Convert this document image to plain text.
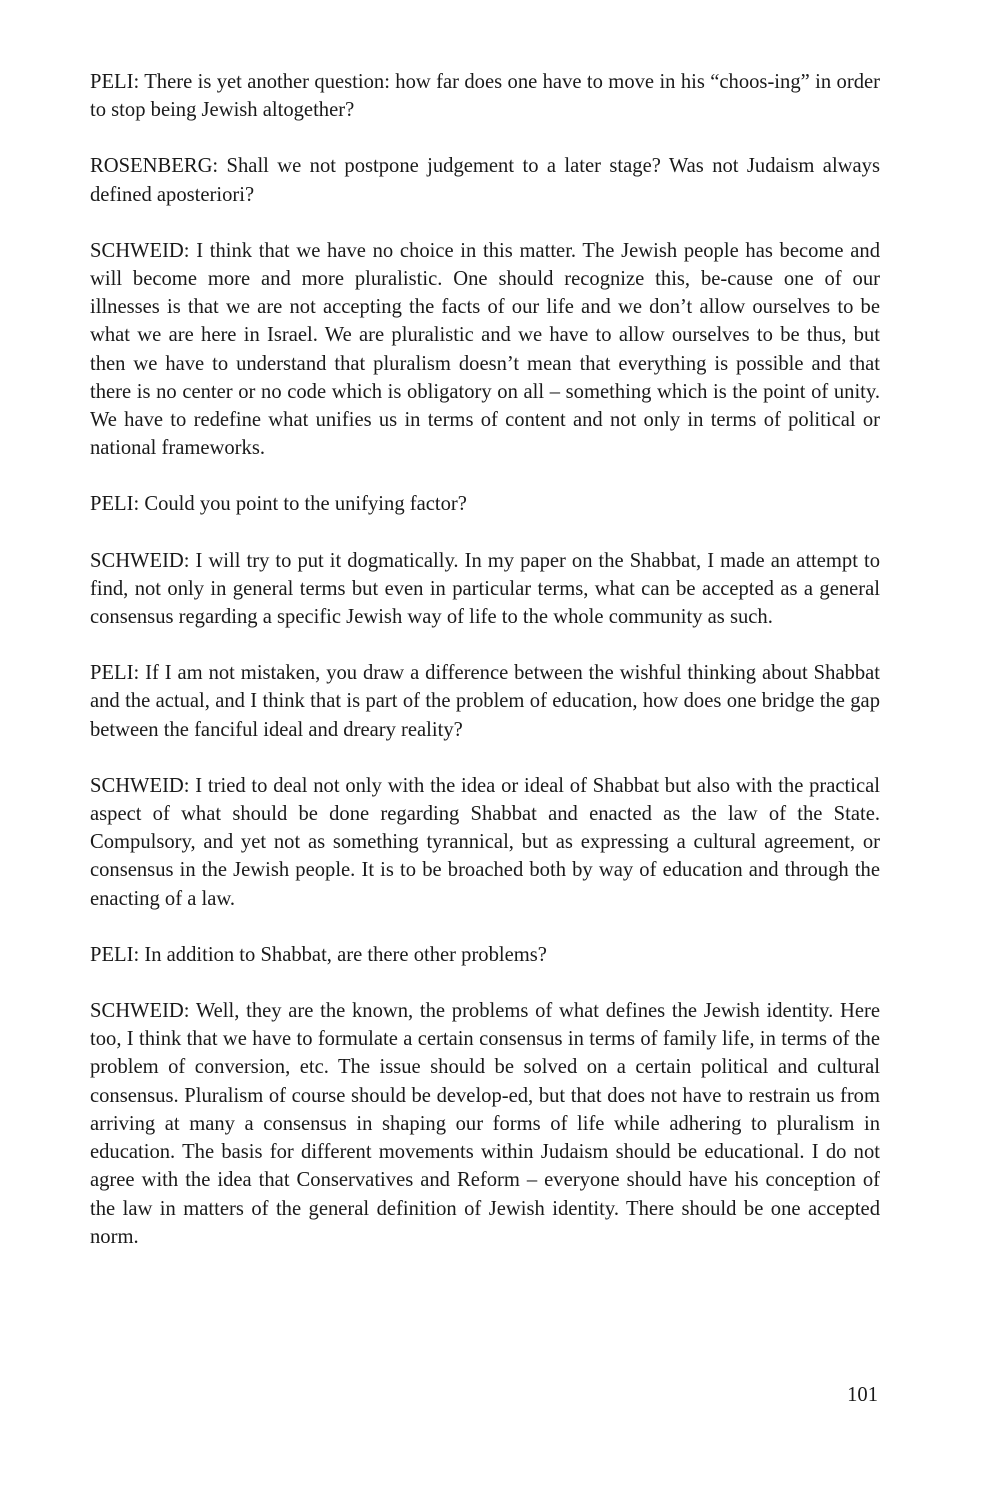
PELI: There is yet another question: how far does one have to move in his “choos-ing” in order to stop being Jewish altogether?

ROSENBERG: Shall we not postpone judgement to a later stage? Was not Judaism always defined aposteriori?

SCHWEID: I think that we have no choice in this matter. The Jewish people has become and will become more and more pluralistic. One should recognize this, be-cause one of our illnesses is that we are not accepting the facts of our life and we don’t allow ourselves to be what we are here in Israel. We are pluralistic and we have to allow ourselves to be thus, but then we have to understand that pluralism doesn’t mean that everything is possible and that there is no center or no code which is obligatory on all – something which is the point of unity. We have to redefine what unifies us in terms of content and not only in terms of political or national frameworks.

PELI: Could you point to the unifying factor?

SCHWEID: I will try to put it dogmatically. In my paper on the Shabbat, I made an attempt to find, not only in general terms but even in particular terms, what can be accepted as a general consensus regarding a specific Jewish way of life to the whole community as such.

PELI: If I am not mistaken, you draw a difference between the wishful thinking about Shabbat and the actual, and I think that is part of the problem of education, how does one bridge the gap between the fanciful ideal and dreary reality?

SCHWEID: I tried to deal not only with the idea or ideal of Shabbat but also with the practical aspect of what should be done regarding Shabbat and enacted as the law of the State. Compulsory, and yet not as something tyrannical, but as expressing a cultural agreement, or consensus in the Jewish people. It is to be broached both by way of education and through the enacting of a law.

PELI: In addition to Shabbat, are there other problems?

SCHWEID: Well, they are the known, the problems of what defines the Jewish identity. Here too, I think that we have to formulate a certain consensus in terms of family life, in terms of the problem of conversion, etc. The issue should be solved on a certain political and cultural consensus. Pluralism of course should be develop-ed, but that does not have to restrain us from arriving at many a consensus in shaping our forms of life while adhering to pluralism in education. The basis for different movements within Judaism should be educational. I do not agree with the idea that Conservatives and Reform – everyone should have his conception of the law in matters of the general definition of Jewish identity. There should be one accepted norm.

101
